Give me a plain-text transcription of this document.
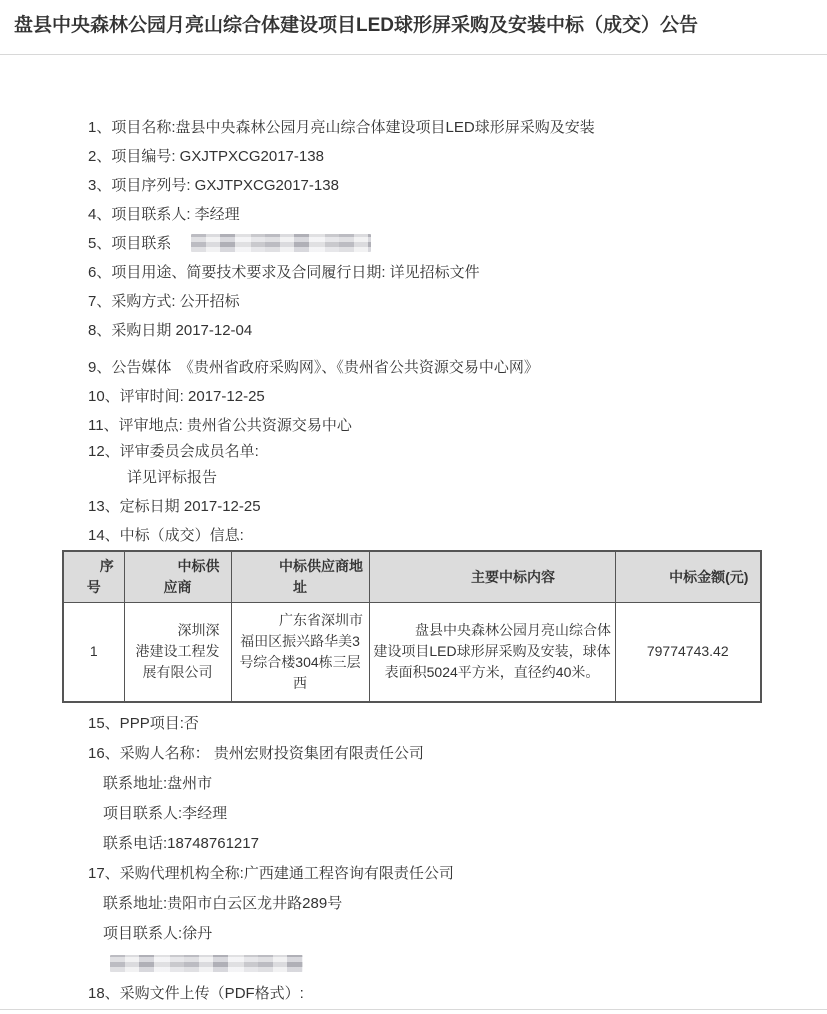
盘县中央森林公园月亮山综合体建设项目LED球形屏采购及安装中标（成交）公告
1、项目名称:盘县中央森林公园月亮山综合体建设项目LED球形屏采购及安装
2、项目编号: GXJTPXCG2017-138
3、项目序列号: GXJTPXCG2017-138
4、项目联系人: 李经理
5、项目联系
6、项目用途、简要技术要求及合同履行日期: 详见招标文件
7、采购方式: 公开招标
8、采购日期 2017-12-04
9、公告媒体　《贵州省政府采购网》、《贵州省公共资源交易中心网》
10、评审时间: 2017-12-25
11、评审地点: 贵州省公共资源交易中心
12、评审委员会成员名单:
详见评标报告
13、定标日期 2017-12-25
14、中标（成交）信息:
序号	中标供应商	中标供应商地址	主要中标内容	中标金额(元)
1	深圳深港建设工程发展有限公司	广东省深圳市福田区振兴路华美3号综合楼304栋三层西	盘县中央森林公园月亮山综合体建设项目LED球形屏采购及安装，球体表面积5024平方米，直径约40米。	79774743.42
15、PPP项目:否
16、采购人名称： 贵州宏财投资集团有限责任公司
联系地址:盘州市
项目联系人:李经理
联系电话:18748761217
17、采购代理机构全称:广西建通工程咨询有限责任公司
联系地址:贵阳市白云区龙井路289号
项目联系人:徐丹
18、采购文件上传（PDF格式）:
